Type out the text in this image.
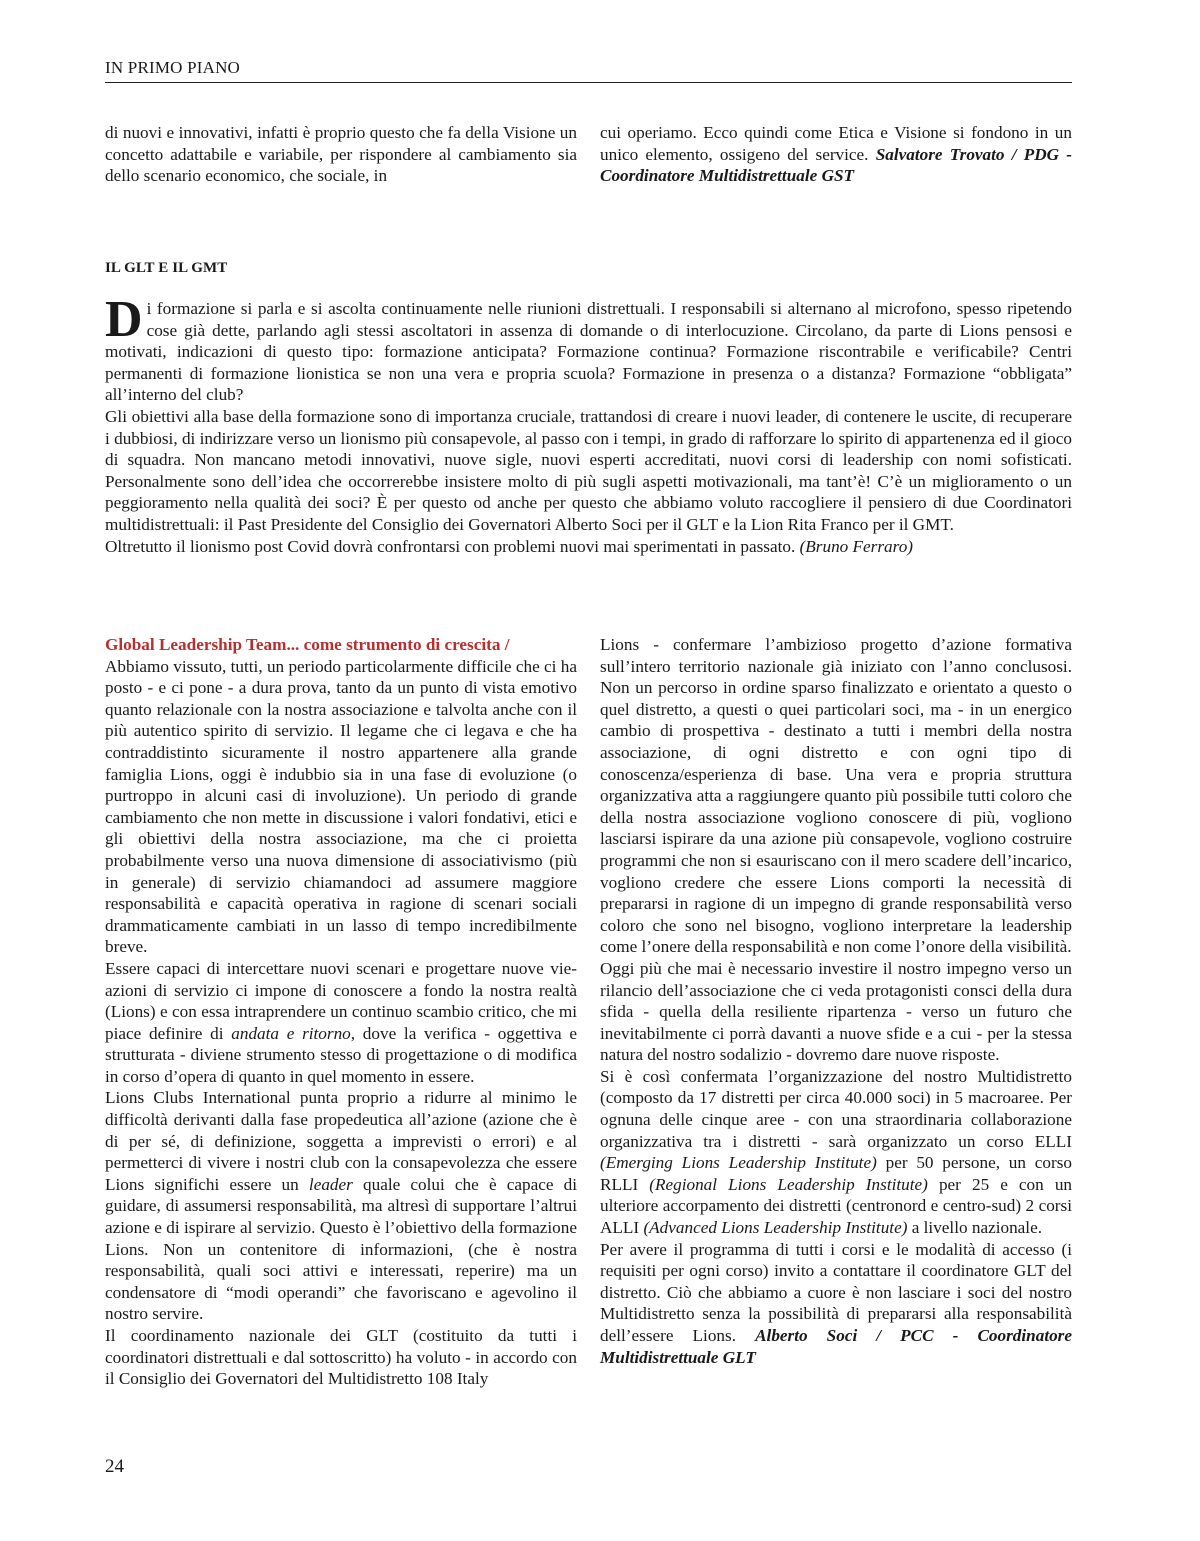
IN PRIMO PIANO

di nuovi e innovativi, infatti è proprio questo che fa della Visione un concetto adattabile e variabile, per rispondere al cambiamento sia dello scenario economico, che sociale, in

cui operiamo. Ecco quindi come Etica e Visione si fondono in un unico elemento, ossigeno del service. Salvatore Trovato / PDG - Coordinatore Multidistrettuale GST

IL GLT E IL GMT

Di formazione si parla e si ascolta continuamente nelle riunioni distrettuali. I responsabili si alternano al microfono, spesso ripetendo cose già dette, parlando agli stessi ascoltatori in assenza di domande o di interlocuzione. Circolano, da parte di Lions pensosi e motivati, indicazioni di questo tipo: formazione anticipata? Formazione continua? Formazione riscontrabile e verificabile? Centri permanenti di formazione lionistica se non una vera e propria scuola? Formazione in presenza o a distanza? Formazione “obbligata” all’interno del club?

Gli obiettivi alla base della formazione sono di importanza cruciale, trattandosi di creare i nuovi leader, di contenere le uscite, di recuperare i dubbiosi, di indirizzare verso un lionismo più consapevole, al passo con i tempi, in grado di rafforzare lo spirito di appartenenza ed il gioco di squadra. Non mancano metodi innovativi, nuove sigle, nuovi esperti accreditati, nuovi corsi di leadership con nomi sofisticati. Personalmente sono dell’idea che occorrerebbe insistere molto di più sugli aspetti motivazionali, ma tant’è! C’è un miglioramento o un peggioramento nella qualità dei soci? È per questo od anche per questo che abbiamo voluto raccogliere il pensiero di due Coordinatori multidistrettuali: il Past Presidente del Consiglio dei Governatori Alberto Soci per il GLT e la Lion Rita Franco per il GMT.

Oltretutto il lionismo post Covid dovrà confrontarsi con problemi nuovi mai sperimentati in passato. (Bruno Ferraro)

Global Leadership Team... come strumento di crescita /

Abbiamo vissuto, tutti, un periodo particolarmente difficile che ci ha posto - e ci pone - a dura prova, tanto da un punto di vista emotivo quanto relazionale con la nostra associazione e talvolta anche con il più autentico spirito di servizio. Il legame che ci legava e che ha contraddistinto sicuramente il nostro appartenere alla grande famiglia Lions, oggi è indubbio sia in una fase di evoluzione (o purtroppo in alcuni casi di involuzione). Un periodo di grande cambiamento che non mette in discussione i valori fondativi, etici e gli obiettivi della nostra associazione, ma che ci proietta probabilmente verso una nuova dimensione di associativismo (più in generale) di servizio chiamandoci ad assumere maggiore responsabilità e capacità operativa in ragione di scenari sociali drammaticamente cambiati in un lasso di tempo incredibilmente breve.

Essere capaci di intercettare nuovi scenari e progettare nuove vie-azioni di servizio ci impone di conoscere a fondo la nostra realtà (Lions) e con essa intraprendere un continuo scambio critico, che mi piace definire di andata e ritorno, dove la verifica - oggettiva e strutturata - diviene strumento stesso di progettazione o di modifica in corso d’opera di quanto in quel momento in essere.

Lions Clubs International punta proprio a ridurre al minimo le difficoltà derivanti dalla fase propedeutica all’azione (azione che è di per sé, di definizione, soggetta a imprevisti o errori) e al permetterci di vivere i nostri club con la consapevolezza che essere Lions significhi essere un leader quale colui che è capace di guidare, di assumersi responsabilità, ma altresì di supportare l’altrui azione e di ispirare al servizio. Questo è l’obiettivo della formazione Lions. Non un contenitore di informazioni, (che è nostra responsabilità, quali soci attivi e interessati, reperire) ma un condensatore di “modi operandi” che favoriscano e agevolino il nostro servire.

Il coordinamento nazionale dei GLT (costituito da tutti i coordinatori distrettuali e dal sottoscritto) ha voluto - in accordo con il Consiglio dei Governatori del Multidistretto 108 Italy

Lions - confermare l’ambizioso progetto d’azione formativa sull’intero territorio nazionale già iniziato con l’anno conclusosi. Non un percorso in ordine sparso finalizzato e orientato a questo o quel distretto, a questi o quei particolari soci, ma - in un energico cambio di prospettiva - destinato a tutti i membri della nostra associazione, di ogni distretto e con ogni tipo di conoscenza/esperienza di base. Una vera e propria struttura organizzativa atta a raggiungere quanto più possibile tutti coloro che della nostra associazione vogliono conoscere di più, vogliono lasciarsi ispirare da una azione più consapevole, vogliono costruire programmi che non si esauriscano con il mero scadere dell’incarico, vogliono credere che essere Lions comporti la necessità di prepararsi in ragione di un impegno di grande responsabilità verso coloro che sono nel bisogno, vogliono interpretare la leadership come l’onere della responsabilità e non come l’onore della visibilità.

Oggi più che mai è necessario investire il nostro impegno verso un rilancio dell’associazione che ci veda protagonisti consci della dura sfida - quella della resiliente ripartenza - verso un futuro che inevitabilmente ci porrà davanti a nuove sfide e a cui - per la stessa natura del nostro sodalizio - dovremo dare nuove risposte.

Si è così confermata l’organizzazione del nostro Multidistretto (composto da 17 distretti per circa 40.000 soci) in 5 macroaree. Per ognuna delle cinque aree - con una straordinaria collaborazione organizzativa tra i distretti - sarà organizzato un corso ELLI (Emerging Lions Leadership Institute) per 50 persone, un corso RLLI (Regional Lions Leadership Institute) per 25 e con un ulteriore accorpamento dei distretti (centronord e centro-sud) 2 corsi ALLI (Advanced Lions Leadership Institute) a livello nazionale.

Per avere il programma di tutti i corsi e le modalità di accesso (i requisiti per ogni corso) invito a contattare il coordinatore GLT del distretto. Ciò che abbiamo a cuore è non lasciare i soci del nostro Multidistretto senza la possibilità di prepararsi alla responsabilità dell’essere Lions. Alberto Soci / PCC - Coordinatore Multidistrettuale GLT

24
